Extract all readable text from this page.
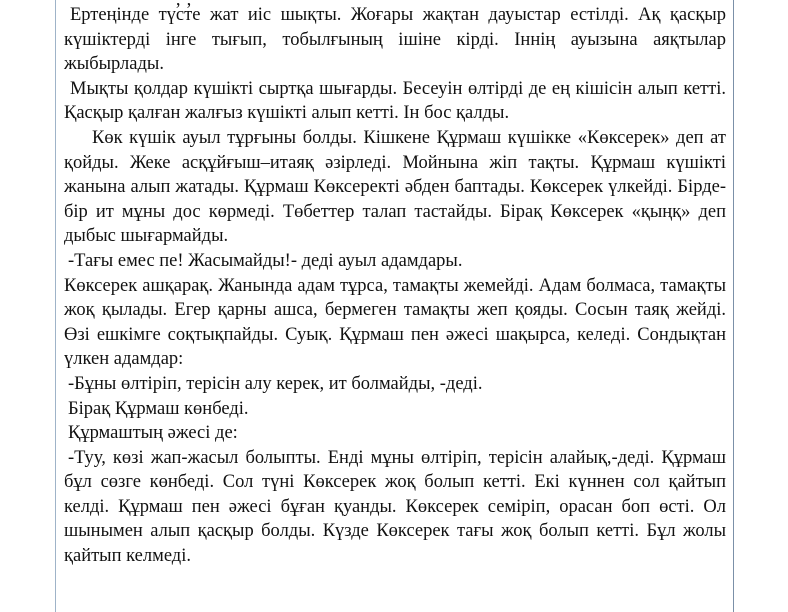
‚ ‚

Ертеңінде түсте жат иіс шықты. Жоғары жақтан дауыстар естілді. Ақ қасқыр күшіктерді інге тығып, тобылғының ішіне кірді. Іннің ауызына аяқтылар жыбырлады.

Мықты қолдар күшікті сыртқа шығарды. Бесеуін өлтірді де ең кішісін алып кетті. Қасқыр қалған жалғыз күшікті алып кетті. Ін бос қалды.

Көк күшік ауыл тұрғыны болды. Кішкене Құрмаш күшікке «Көксерек» деп ат қойды. Жеке асқұйғыш–итаяқ әзірледі. Мойнына жіп тақты. Құрмаш күшікті жанына алып жатады. Құрмаш Көксеректі әбден баптады. Көксерек үлкейді. Бірде-бір ит мұны дос көрмеді. Төбеттер талап тастайды. Бірақ Көксерек «қыңқ» деп дыбыс шығармайды.

-Тағы емес пе! Жасымайды!- деді ауыл адамдары.

Көксерек ашқарақ. Жанында адам тұрса, тамақты жемейді. Адам болмаса, тамақты жоқ қылады. Егер қарны ашса, бермеген тамақты жеп қояды. Сосын таяқ жейді. Өзі ешкімге соқтықпайды. Суық. Құрмаш пен әжесі шақырса, келеді. Сондықтан үлкен адамдар:

-Бұны өлтіріп, терісін алу керек, ит болмайды, -деді.

Бірақ Құрмаш көнбеді.

Құрмаштың әжесі де:

-Туу, көзі жап-жасыл болыпты. Енді мұны өлтіріп, терісін алайық,-деді. Құрмаш бұл сөзге көнбеді. Сол түні Көксерек жоқ болып кетті. Екі күннен сол қайтып келді. Құрмаш пен әжесі бұған қуанды. Көксерек семіріп, орасан боп өсті. Ол шынымен алып қасқыр болды. Күзде Көксерек тағы жоқ болып кетті. Бұл жолы қайтып келмеді.
